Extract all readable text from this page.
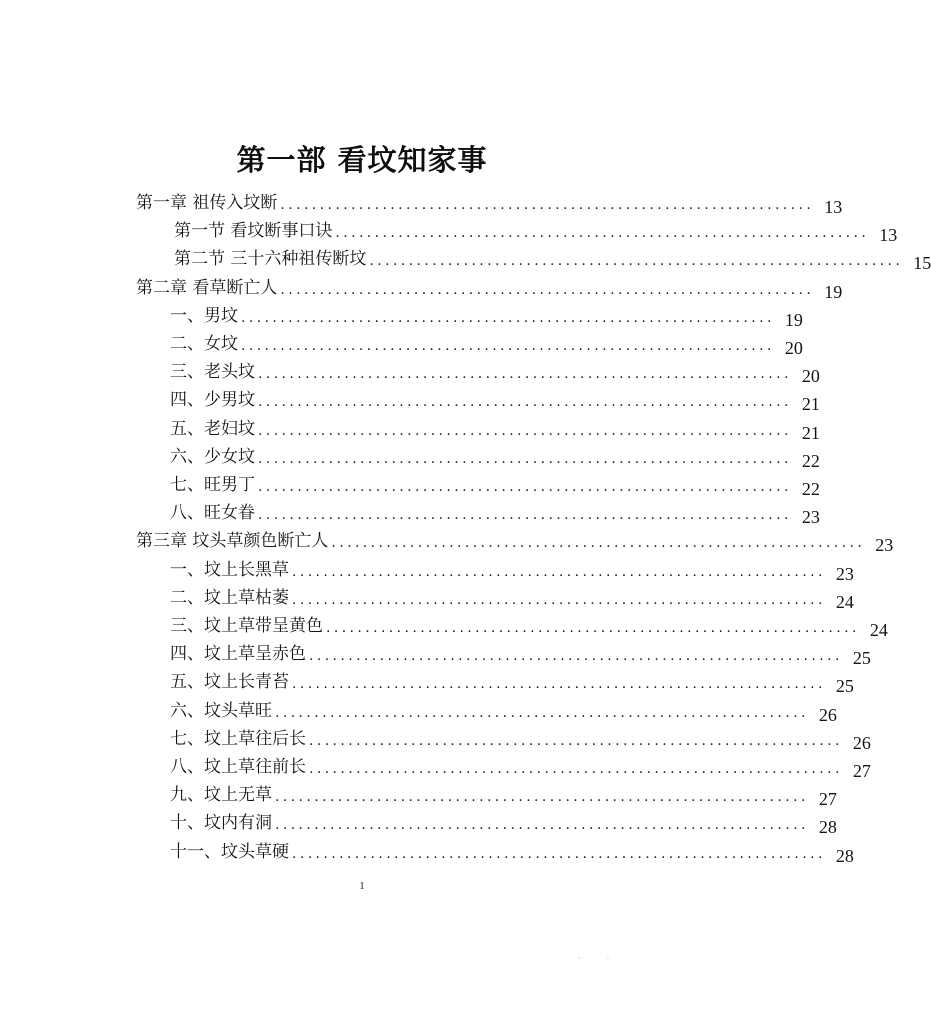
第一部 看坟知家事
第一章 祖传入坟断 .................................................................... 13
第一节 看坟断事口诀 .................................................................... 13
第二节 三十六种祖传断坟 .................................................................... 15
第二章 看草断亡人 .................................................................... 19
一、男坟 .................................................................... 19
二、女坟 .................................................................... 20
三、老头坟 .................................................................... 20
四、少男坟 .................................................................... 21
五、老妇坟 .................................................................... 21
六、少女坟 .................................................................... 22
七、旺男丁 .................................................................... 22
八、旺女眷 .................................................................... 23
第三章 坟头草颜色断亡人 .................................................................... 23
一、坟上长黑草 .................................................................... 23
二、坟上草枯萎 .................................................................... 24
三、坟上草带呈黄色 .................................................................... 24
四、坟上草呈赤色 .................................................................... 25
五、坟上长青苔 .................................................................... 25
六、坟头草旺 .................................................................... 26
七、坟上草往后长 .................................................................... 26
八、坟上草往前长 .................................................................... 27
九、坟上无草 .................................................................... 27
十、坟内有洞 .................................................................... 28
十一、坟头草硬 .................................................................... 28
1
· ·
